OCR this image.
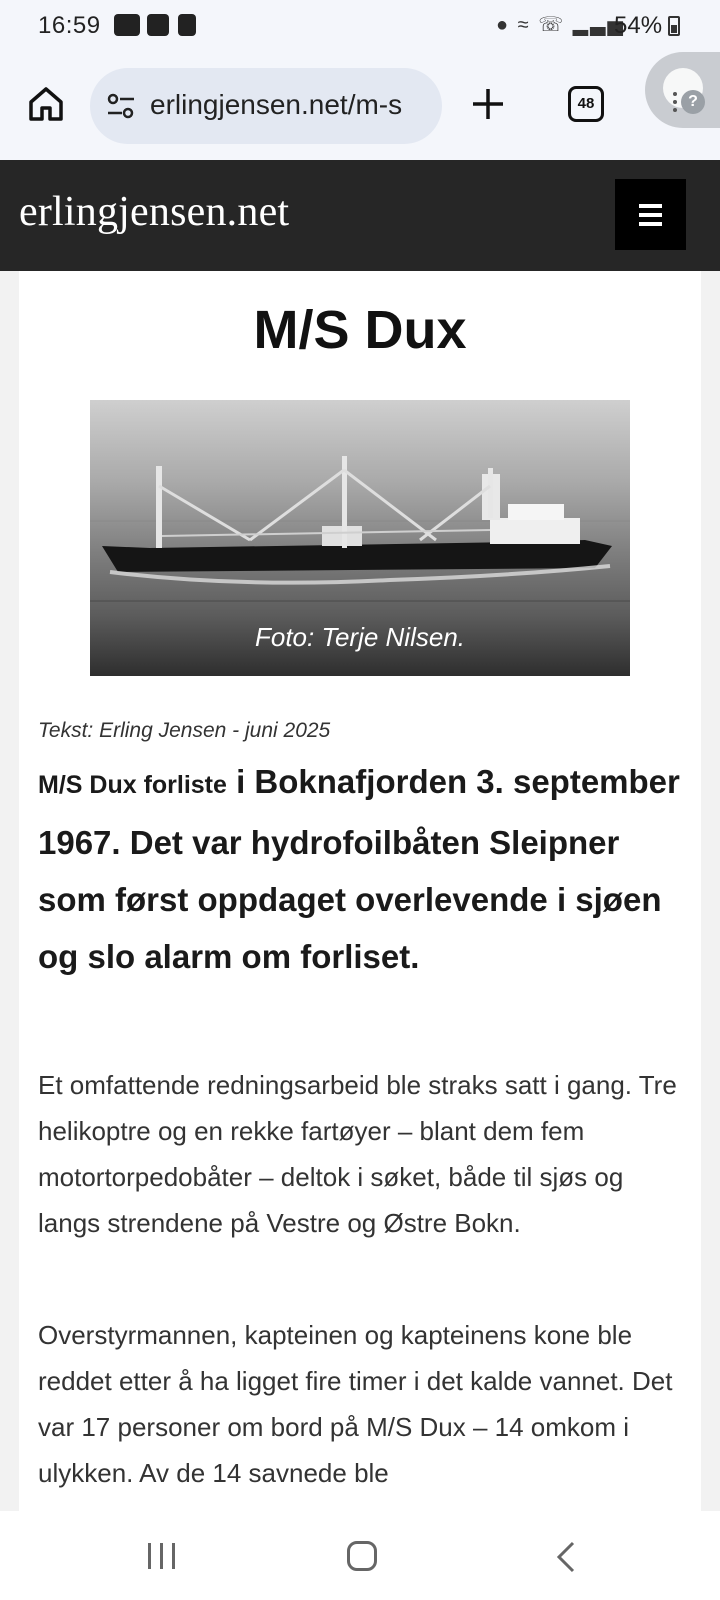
16:59	● ≈ ☏ ▂▃▅
54%
erlingjensen.net/m-s	48	?
erlingjensen.net
M/S Dux
Foto: Terje Nilsen.
Tekst: Erling Jensen - juni 2025

M/S Dux forliste i Boknafjorden 3. september 1967. Det var hydrofoilbåten Sleipner som først oppdaget overlevende i sjøen og slo alarm om forliset.

Et omfattende redningsarbeid ble straks satt i gang. Tre helikoptre og en rekke fartøyer – blant dem fem motortorpedobåter – deltok i søket, både til sjøs og langs strendene på Vestre og Østre Bokn.

Overstyrmannen, kapteinen og kapteinens kone ble reddet etter å ha ligget fire timer i det kalde vannet. Det var 17 personer om bord på M/S Dux – 14 omkom i ulykken. Av de 14 savnede ble
